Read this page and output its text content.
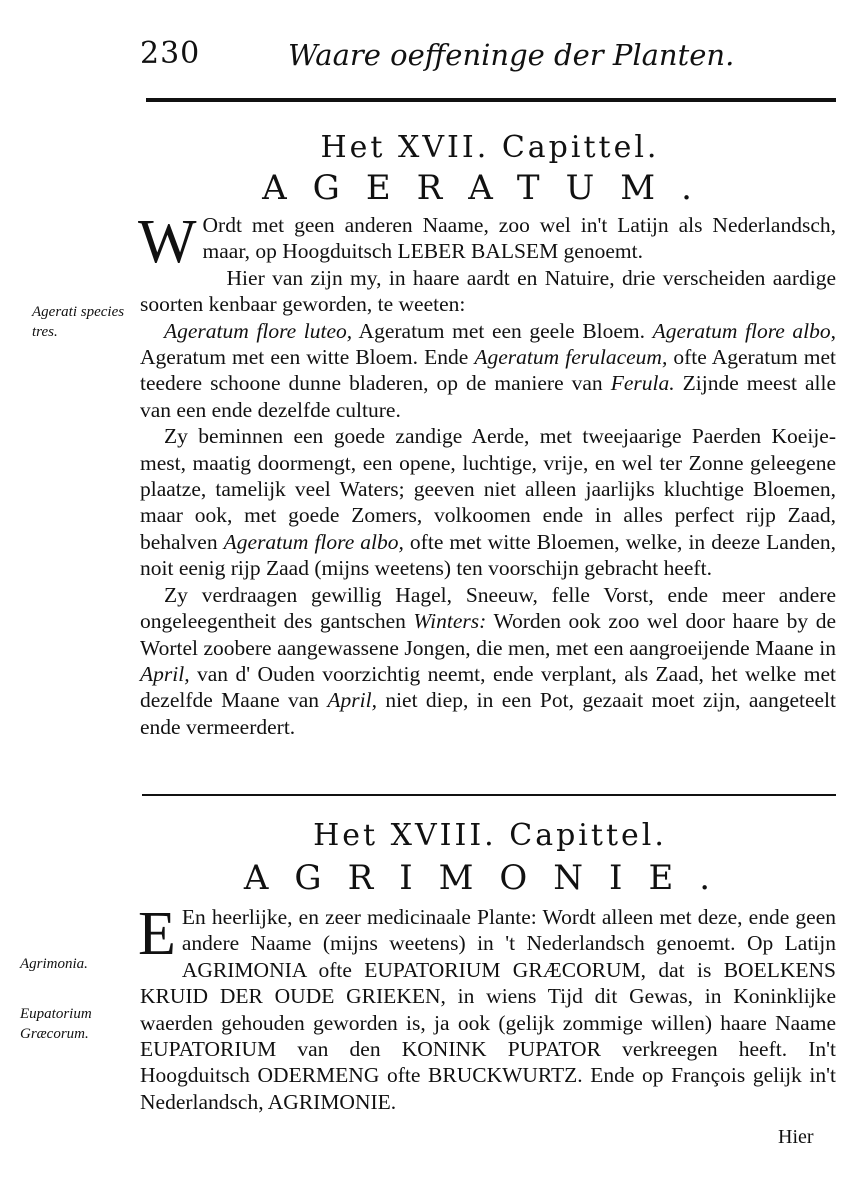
230	Waare oeffeninge der Planten.
Het XVII. Capittel.
AGERATUM.
Agerati species tres.

W Ordt met geen anderen Naame, zoo wel in't Latijn als Nederlandsch, maar, op Hoogduitsch LEBER BALSEM genoemt.

Hier van zijn my, in haare aardt en Natuire, drie verscheiden aardige soorten kenbaar geworden, te weeten:

Ageratum flore luteo, Ageratum met een geele Bloem. Ageratum flore albo, Ageratum met een witte Bloem. Ende Ageratum ferulaceum, ofte Ageratum met teedere schoone dunne bladeren, op de maniere van Ferula. Zijnde meest alle van een ende dezelfde culture.

Zy beminnen een goede zandige Aerde, met tweejaarige Paerden Koeije-mest, maatig doormengt, een opene, luchtige, vrije, en wel ter Zonne geleegene plaatze, tamelijk veel Waters; geeven niet alleen jaarlijks kluchtige Bloemen, maar ook, met goede Zomers, volkoomen ende in alles perfect rijp Zaad, behalven Ageratum flore albo, ofte met witte Bloemen, welke, in deeze Landen, noit eenig rijp Zaad (mijns weetens) ten voorschijn gebracht heeft.

Zy verdraagen gewillig Hagel, Sneeuw, felle Vorst, ende meer andere ongeleegentheit des gantschen Winters: Worden ook zoo wel door haare by de Wortel zoobere aangewassene Jongen, die men, met een aangroeijende Maane in April, van d' Ouden voorzichtig neemt, ende verplant, als Zaad, het welke met dezelfde Maane van April, niet diep, in een Pot, gezaait moet zijn, aangeteelt ende vermeerdert.

Het XVIII. Capittel.
AGRIMONIE.
Agrimonia.
Eupatorium Græcorum.

E En heerlijke, en zeer medicinaale Plante: Wordt alleen met deze, ende geen andere Naame (mijns weetens) in 't Nederlandsch genoemt. Op Latijn AGRIMONIA ofte EUPATORIUM GRÆCORUM, dat is BOELKENS KRUID DER OUDE GRIEKEN, in wiens Tijd dit Gewas, in Koninklijke waerden gehouden geworden is, ja ook (gelijk zommige willen) haare Naame EUPATORIUM van den KONINK PUPATOR verkreegen heeft. In't Hoogduitsch ODERMENG ofte BRUCKWURTZ. Ende op François gelijk in't Nederlandsch, AGRIMONIE.

Hier
